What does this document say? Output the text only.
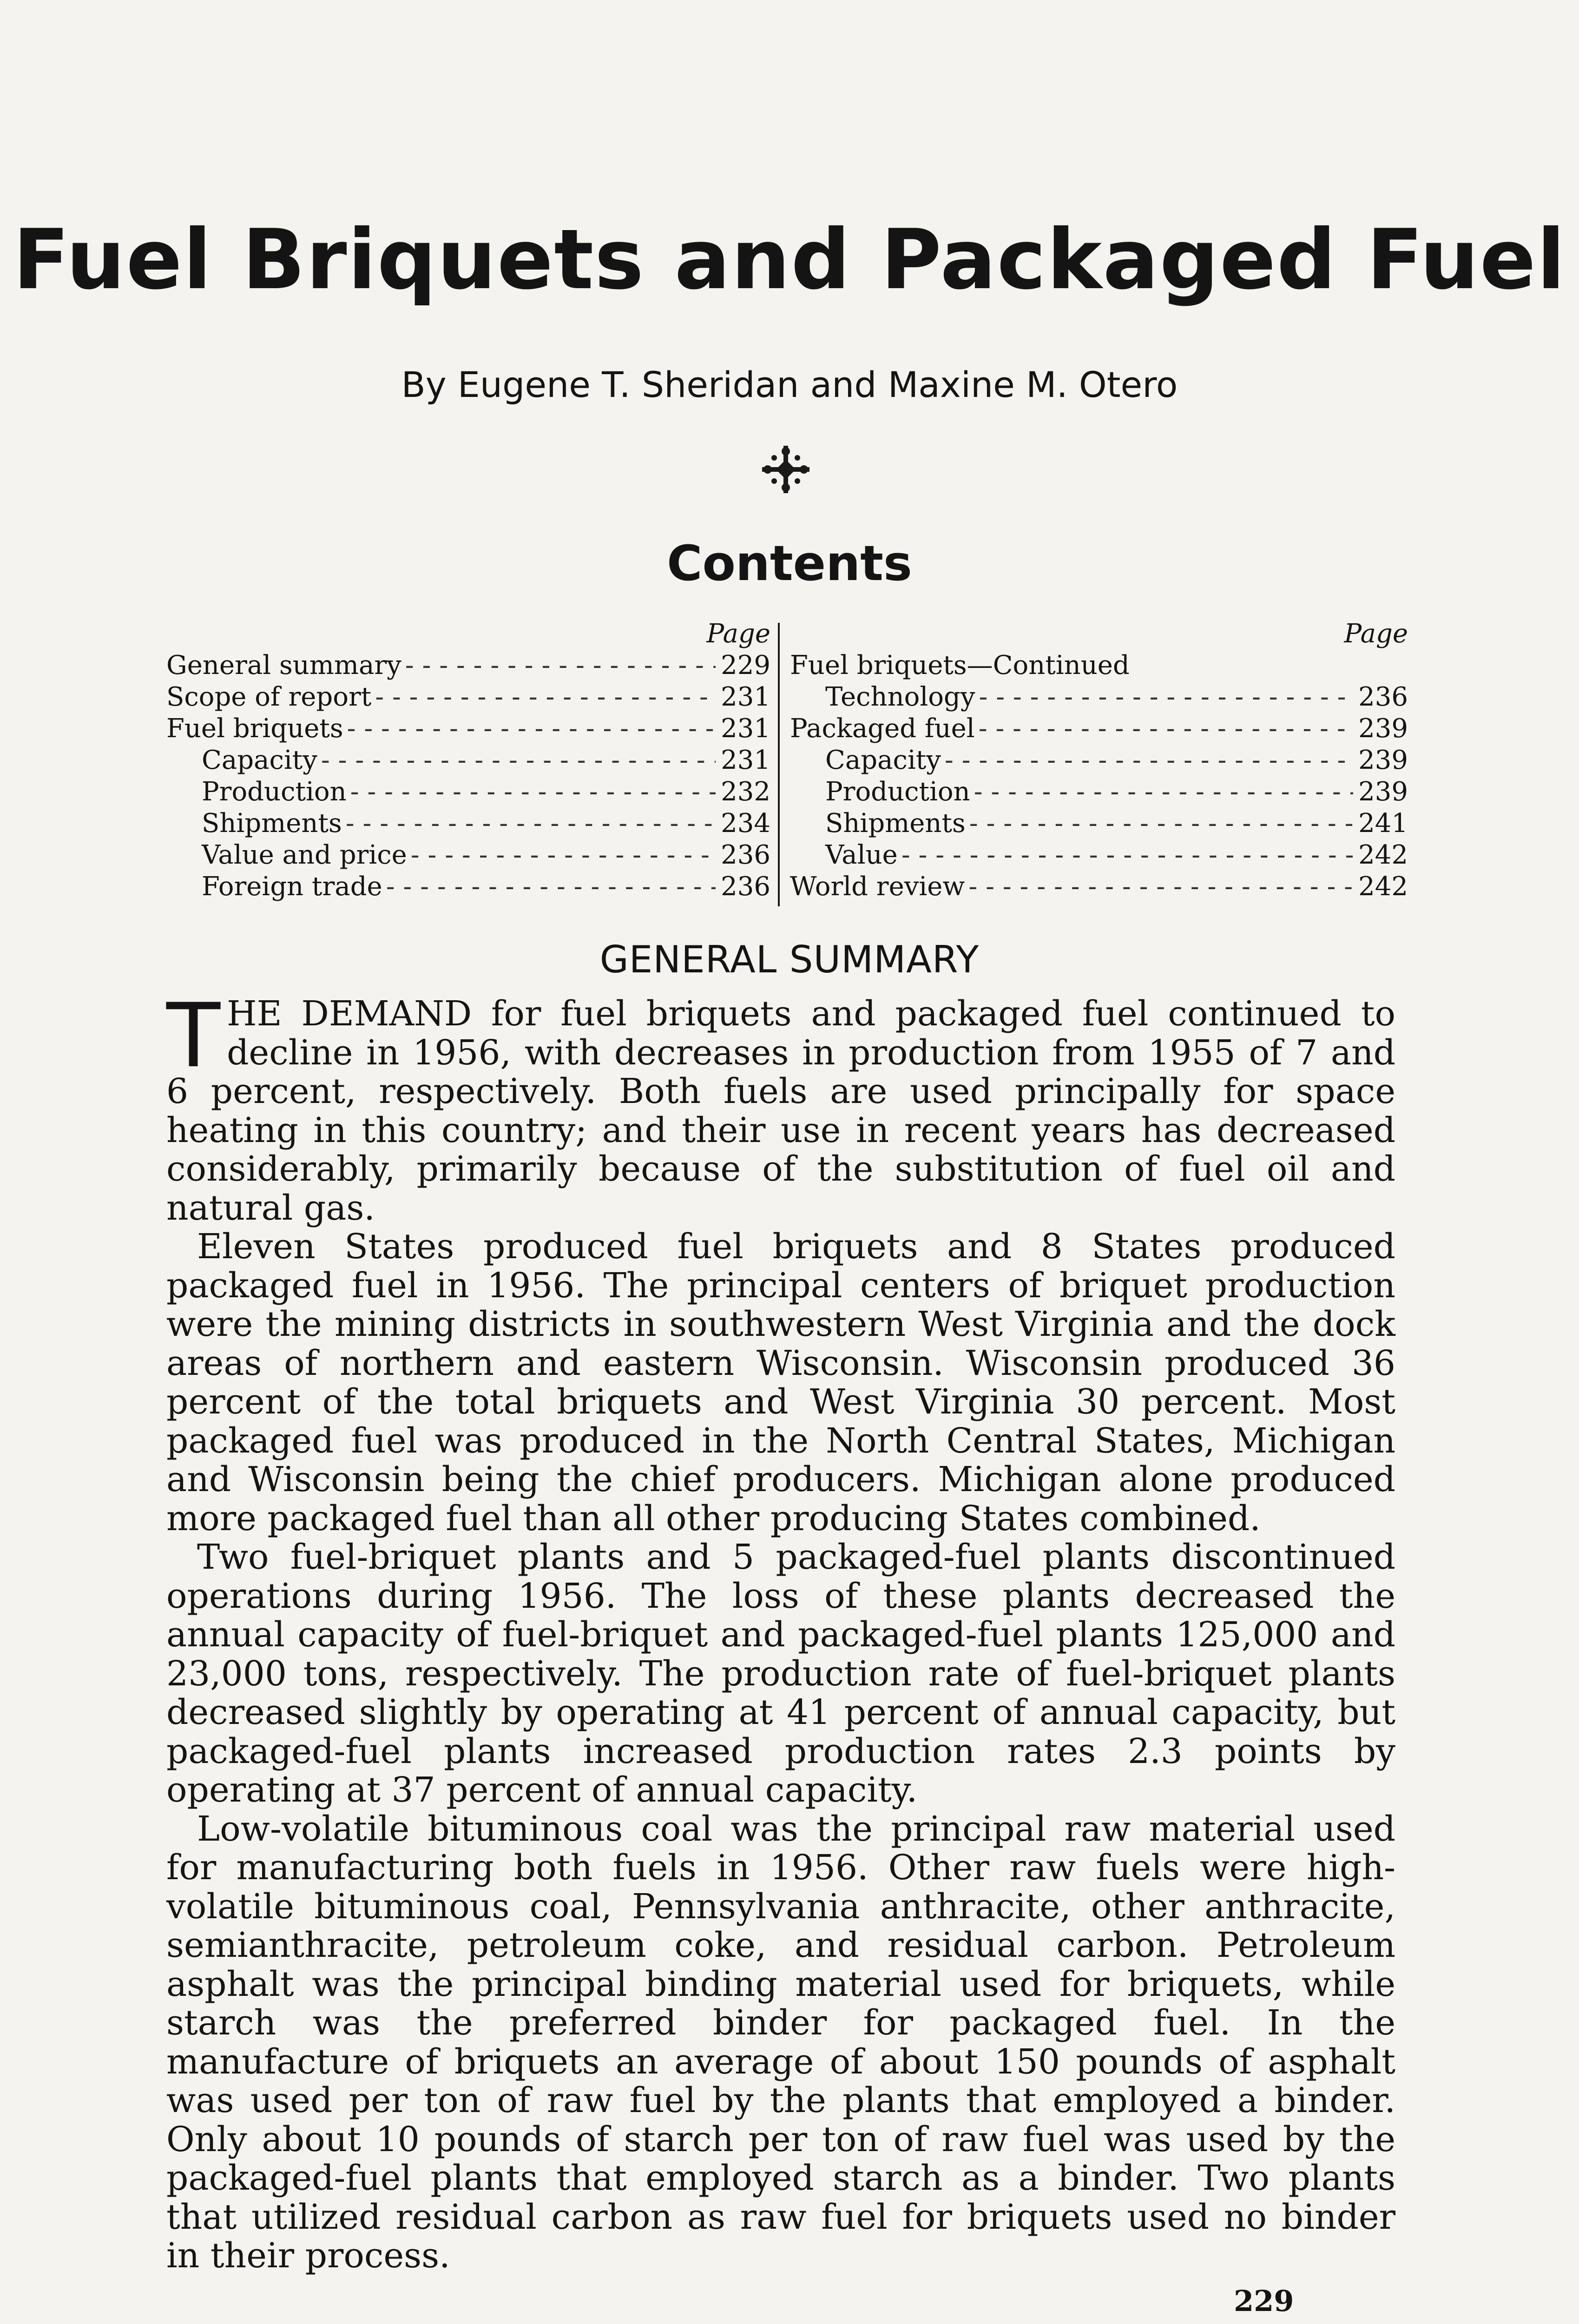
Fuel Briquets and Packaged Fuel
By Eugene T. Sheridan and Maxine M. Otero
Contents
Page
General summary - - -	229
Scope of report - - -	231
Fuel briquets - - -	231
Capacity - - -	231
Production - - -	232
Shipments - - -	234
Value and price - - -	236
Foreign trade - - -	236
Page
Fuel briquets—Continued
Technology - - -	236
Packaged fuel - - -	239
Capacity - - -	239
Production - - -	239
Shipments - - -	241
Value - - -	242
World review - - -	242
GENERAL SUMMARY

THE DEMAND for fuel briquets and packaged fuel continued to decline in 1956, with decreases in production from 1955 of 7 and 6 percent, respectively. Both fuels are used principally for space heating in this country; and their use in recent years has decreased considerably, primarily because of the substitution of fuel oil and natural gas.

Eleven States produced fuel briquets and 8 States produced packaged fuel in 1956. The principal centers of briquet production were the mining districts in southwestern West Virginia and the dock areas of northern and eastern Wisconsin. Wisconsin produced 36 percent of the total briquets and West Virginia 30 percent. Most packaged fuel was produced in the North Central States, Michigan and Wisconsin being the chief producers. Michigan alone produced more packaged fuel than all other producing States combined.

Two fuel-briquet plants and 5 packaged-fuel plants discontinued operations during 1956. The loss of these plants decreased the annual capacity of fuel-briquet and packaged-fuel plants 125,000 and 23,000 tons, respectively. The production rate of fuel-briquet plants decreased slightly by operating at 41 percent of annual capacity, but packaged-fuel plants increased production rates 2.3 points by operating at 37 percent of annual capacity.

Low-volatile bituminous coal was the principal raw material used for manufacturing both fuels in 1956. Other raw fuels were high-volatile bituminous coal, Pennsylvania anthracite, other anthracite, semianthracite, petroleum coke, and residual carbon. Petroleum asphalt was the principal binding material used for briquets, while starch was the preferred binder for packaged fuel. In the manufacture of briquets an average of about 150 pounds of asphalt was used per ton of raw fuel by the plants that employed a binder. Only about 10 pounds of starch per ton of raw fuel was used by the packaged-fuel plants that employed starch as a binder. Two plants that utilized residual carbon as raw fuel for briquets used no binder in their process.

229
